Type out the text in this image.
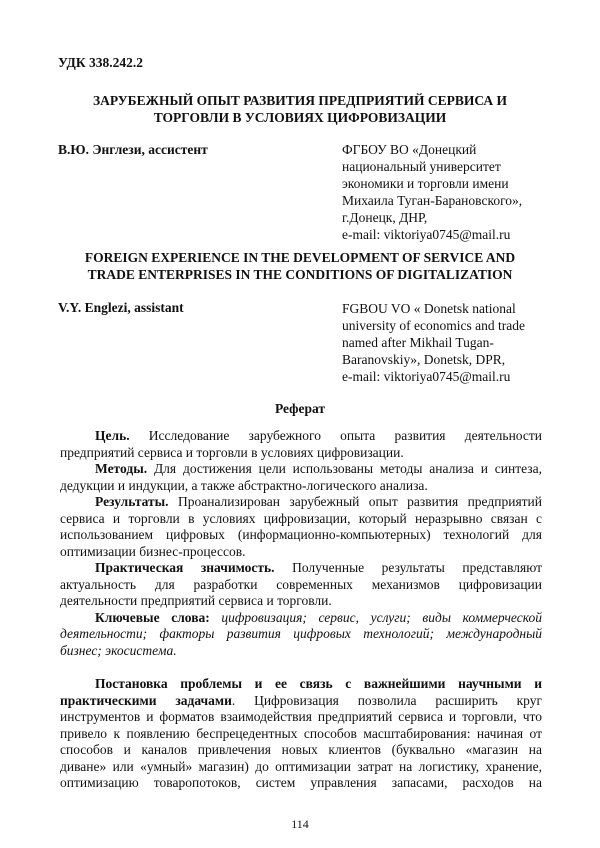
УДК 338.242.2
ЗАРУБЕЖНЫЙ ОПЫТ РАЗВИТИЯ ПРЕДПРИЯТИЙ СЕРВИСА И
ТОРГОВЛИ В УСЛОВИЯХ ЦИФРОВИЗАЦИИ
В.Ю. Энглези, ассистент	ФГБОУ ВО «Донецкий
национальный университет
экономики и торговли имени
Михаила Туган-Барановского»,
г.Донецк, ДНР,
e-mail: viktoriya0745@mail.ru
FOREIGN EXPERIENCE IN THE DEVELOPMENT OF SERVICE AND
TRADE ENTERPRISES IN THE CONDITIONS OF DIGITALIZATION
V.Y. Englezi, assistant	FGBOU VO « Donetsk national
university of economics and trade
named after Mikhail Tugan-
Baranovskiy», Donetsk, DPR,
e-mail: viktoriya0745@mail.ru
Реферат

Цель. Исследование зарубежного опыта развития деятельности

предприятий сервиса и торговли в условиях цифровизации.

Методы. Для достижения цели использованы методы анализа и синтеза,

дедукции и индукции, а также абстрактно-логического анализа.

Результаты. Проанализирован зарубежный опыт развития предприятий

сервиса и торговли в условиях цифровизации, который неразрывно связан с

использованием цифровых (информационно-компьютерных) технологий для

оптимизации бизнес-процессов.

Практическая значимость. Полученные результаты представляют

актуальность для разработки современных механизмов цифровизации

деятельности предприятий сервиса и торговли.

Ключевые слова: цифровизация; сервис, услуги; виды коммерческой

деятельности; факторы развития цифровых технологий; международный

бизнес; экосистема.

Постановка проблемы и ее связь с важнейшими научными и

практическими задачами. Цифровизация позволила расширить круг

инструментов и форматов взаимодействия предприятий сервиса и торговли, что

привело к появлению беспрецедентных способов масштабирования: начиная от

способов и каналов привлечения новых клиентов (буквально «магазин на

диване» или «умный» магазин) до оптимизации затрат на логистику, хранение,

оптимизацию товаропотоков, систем управления запасами, расходов на

114
